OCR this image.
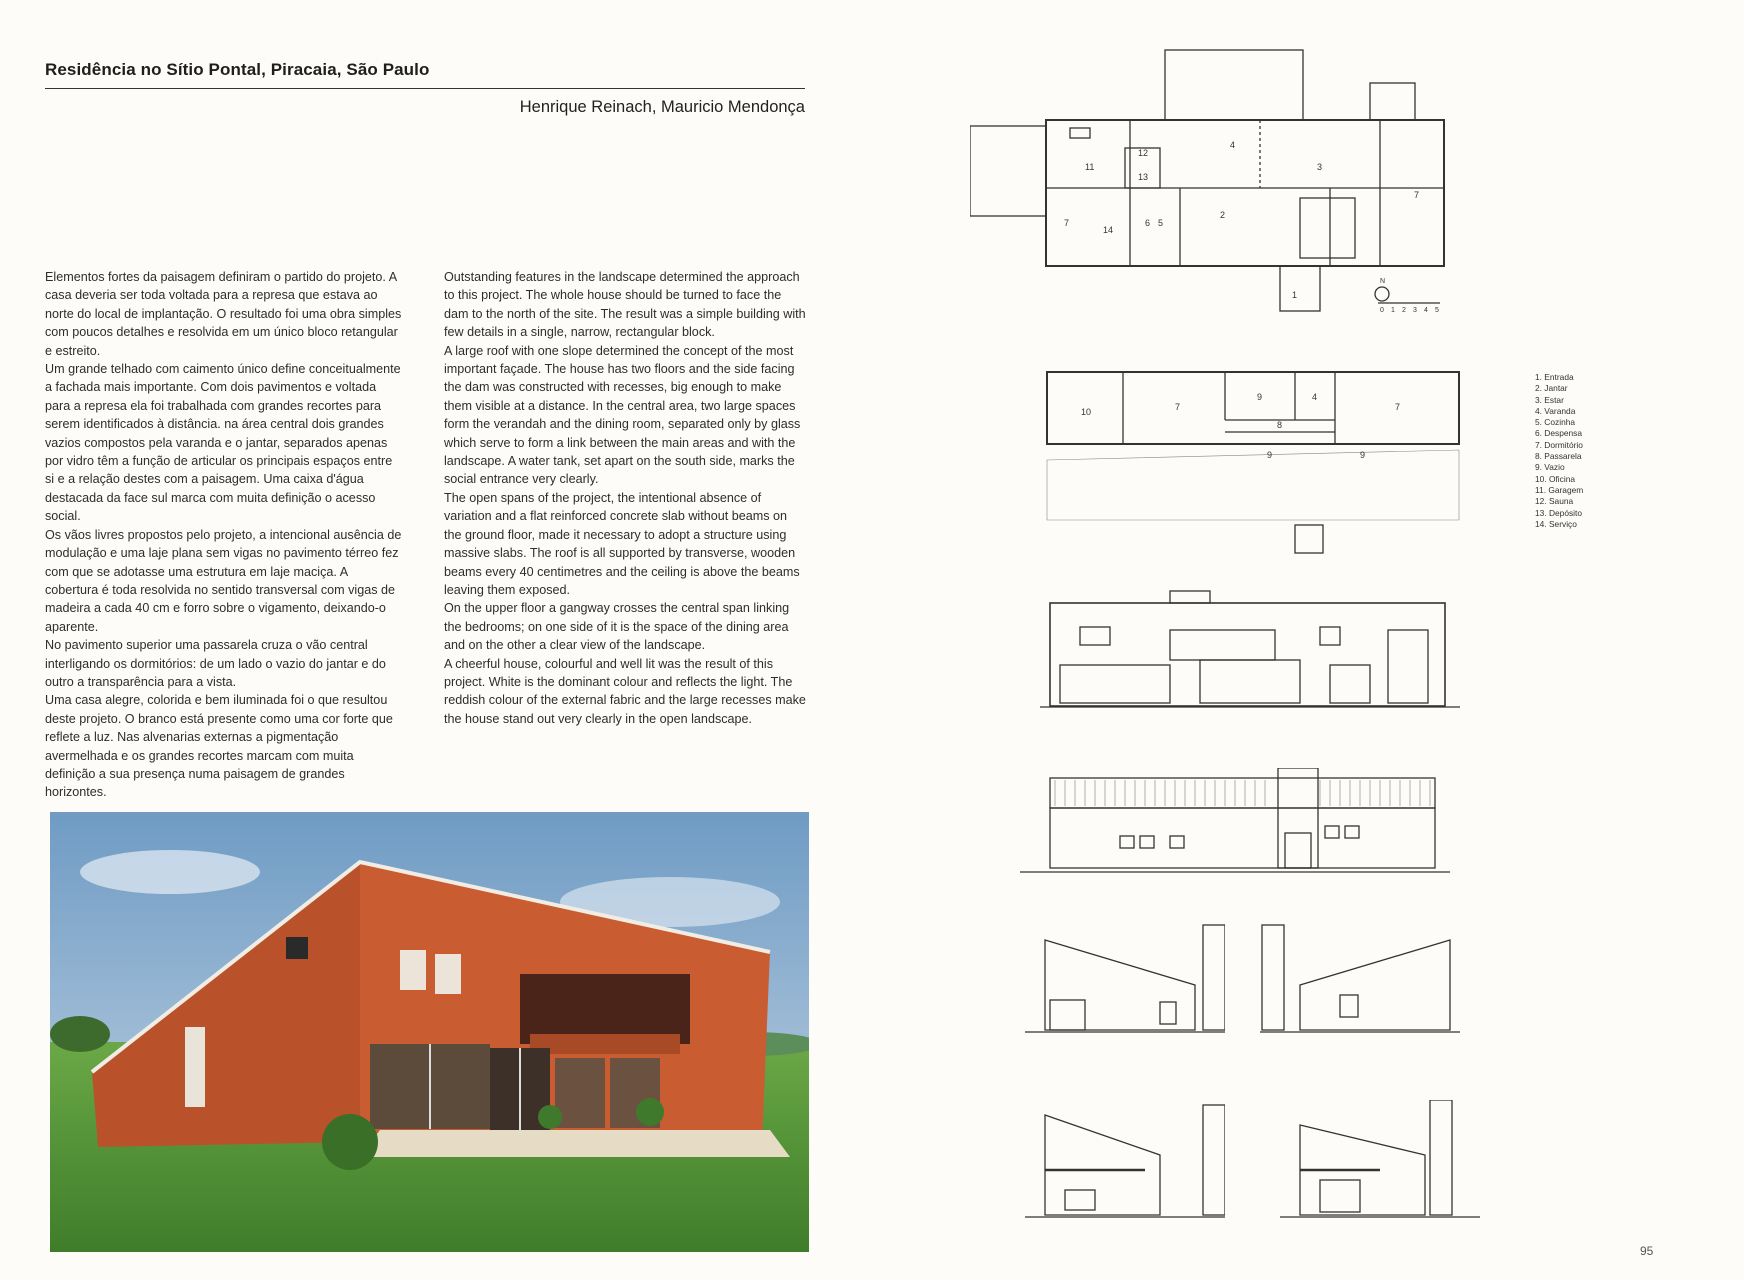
Residência no Sítio Pontal, Piracaia, São Paulo
Henrique Reinach, Mauricio Mendonça

Elementos fortes da paisagem definiram o partido do projeto. A casa deveria ser toda voltada para a represa que estava ao norte do local de implantação. O resultado foi uma obra simples com poucos detalhes e resolvida em um único bloco retangular e estreito.

Um grande telhado com caimento único define conceitualmente a fachada mais importante. Com dois pavimentos e voltada para a represa ela foi trabalhada com grandes recortes para serem identificados à distância. na área central dois grandes vazios compostos pela varanda e o jantar, separados apenas por vidro têm a função de articular os principais espaços entre si e a relação destes com a paisagem. Uma caixa d'água destacada da face sul marca com muita definição o acesso social.

Os vãos livres propostos pelo projeto, a intencional ausência de modulação e uma laje plana sem vigas no pavimento térreo fez com que se adotasse uma estrutura em laje maciça. A cobertura é toda resolvida no sentido transversal com vigas de madeira a cada 40 cm e forro sobre o vigamento, deixando-o aparente.

No pavimento superior uma passarela cruza o vão central interligando os dormitórios: de um lado o vazio do jantar e do outro a transparência para a vista.

Uma casa alegre, colorida e bem iluminada foi o que resultou deste projeto. O branco está presente como uma cor forte que reflete a luz. Nas alvenarias externas a pigmentação avermelhada e os grandes recortes marcam com muita definição a sua presença numa paisagem de grandes horizontes.

Outstanding features in the landscape determined the approach to this project. The whole house should be turned to face the dam to the north of the site. The result was a simple building with few details in a single, narrow, rectangular block.

A large roof with one slope determined the concept of the most important façade. The house has two floors and the side facing the dam was constructed with recesses, big enough to make them visible at a distance. In the central area, two large spaces form the verandah and the dining room, separated only by glass which serve to form a link between the main areas and with the landscape. A water tank, set apart on the south side, marks the social entrance very clearly.

The open spans of the project, the intentional absence of variation and a flat reinforced concrete slab without beams on the ground floor, made it necessary to adopt a structure using massive slabs. The roof is all supported by transverse, wooden beams every 40 centimetres and the ceiling is above the beams leaving them exposed.

On the upper floor a gangway crosses the central span linking the bedrooms; on one side of it is the space of the dining area and on the other a clear view of the landscape.

A cheerful house, colourful and well lit was the result of this project. White is the dominant colour and reflects the light. The reddish colour of the external fabric and the large recesses make the house stand out very clearly in the open landscape.

1
2
3
4
5
6
7
7
11
12
13
14
N
0 1 2 3 4 5
10	7
9	4
7
8
9	9
1. Entrada
2. Jantar
3. Estar
4. Varanda
5. Cozinha
6. Despensa
7. Dormitório
8. Passarela
9. Vazio
10. Oficina
11. Garagem
12. Sauna
13. Depósito
14. Serviço
95
